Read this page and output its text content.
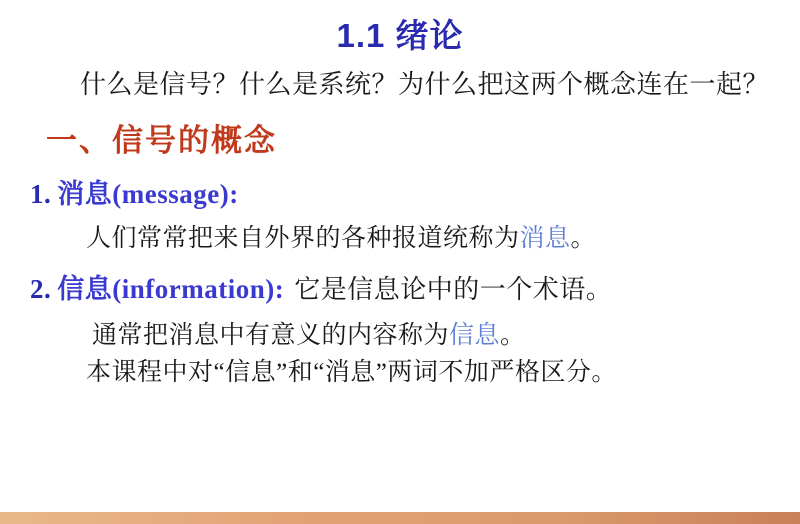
1.1 绪论
什么是信号？什么是系统？为什么把这两个概念连在一起？
一、信号的概念
1. 消息(message):
人们常常把来自外界的各种报道统称为消息。
2. 信息(information): 它是信息论中的一个术语。
通常把消息中有意义的内容称为信息。
本课程中对“信息”和“消息”两词不加严格区分。
